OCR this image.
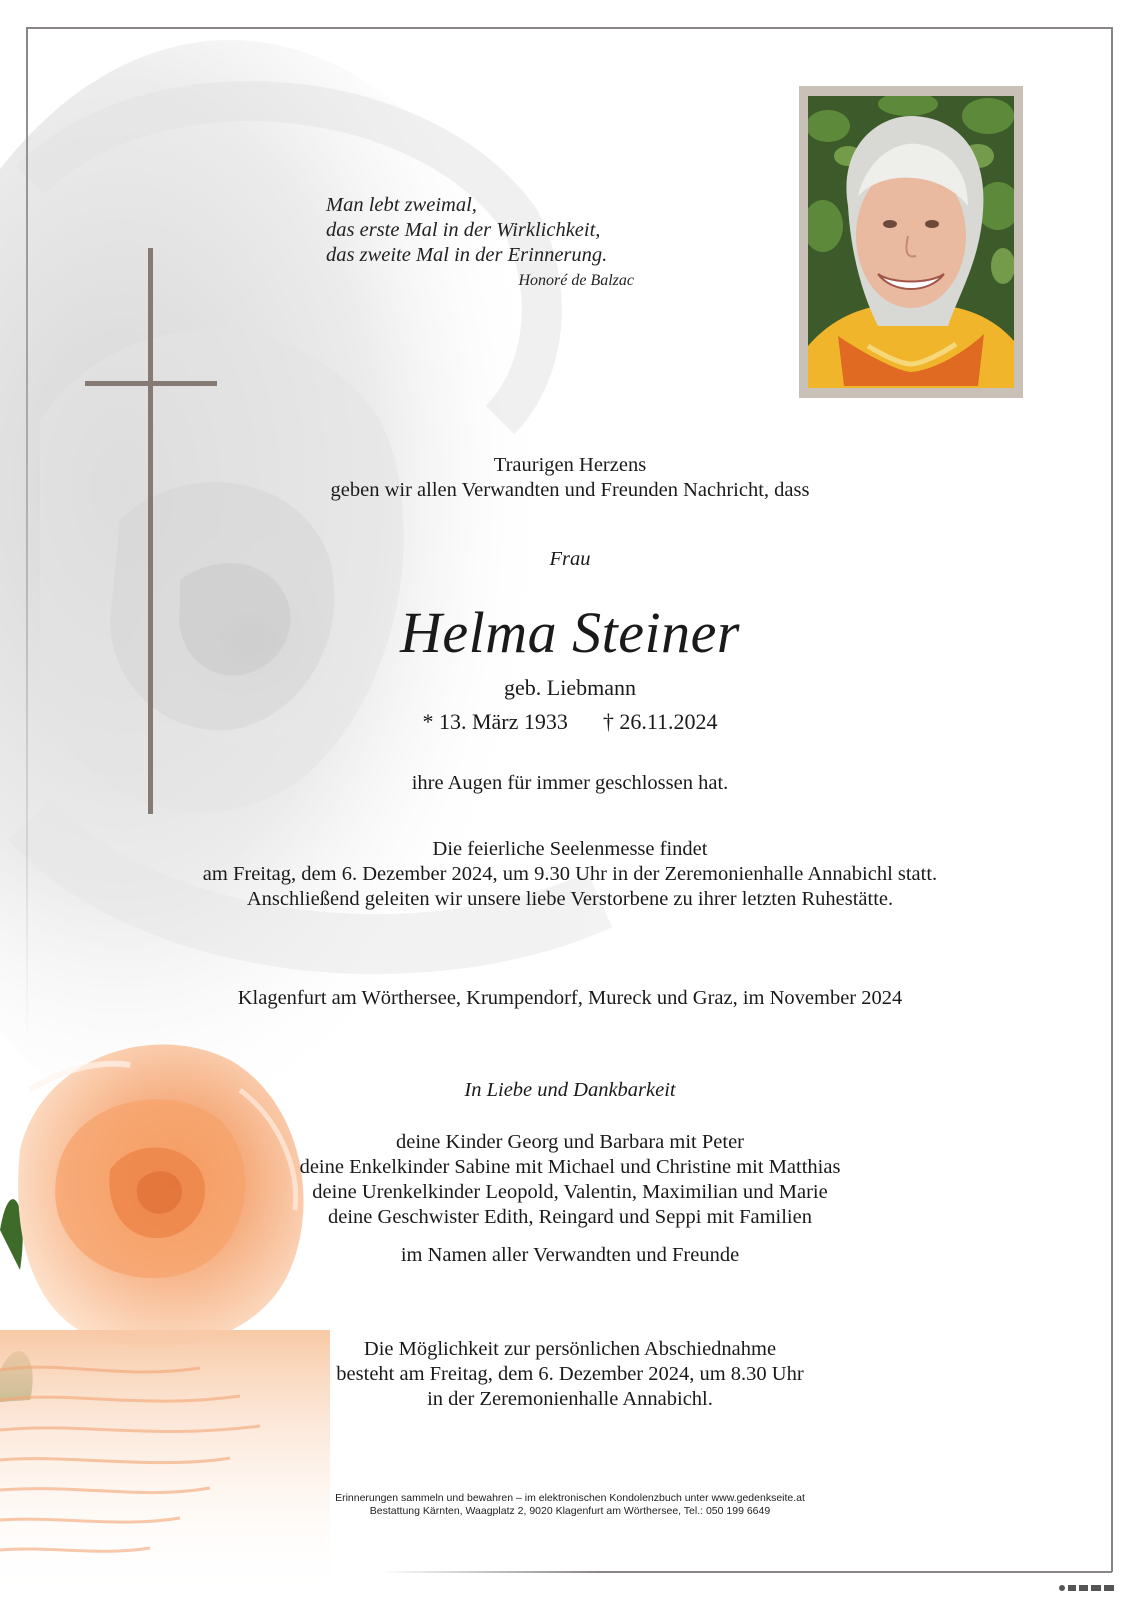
Man lebt zweimal,
das erste Mal in der Wirklichkeit,
das zweite Mal in der Erinnerung.
Honoré de Balzac
Traurigen Herzens
geben wir allen Verwandten und Freunden Nachricht, dass
Frau
Helma Steiner
geb. Liebmann
* 13. März 1933 † 26.11.2024
ihre Augen für immer geschlossen hat.
Die feierliche Seelenmesse findet
am Freitag, dem 6. Dezember 2024, um 9.30 Uhr in der Zeremonienhalle Annabichl statt.
Anschließend geleiten wir unsere liebe Verstorbene zu ihrer letzten Ruhestätte.
Klagenfurt am Wörthersee, Krumpendorf, Mureck und Graz, im November 2024
In Liebe und Dankbarkeit
deine Kinder Georg und Barbara mit Peter
deine Enkelkinder Sabine mit Michael und Christine mit Matthias
deine Urenkelkinder Leopold, Valentin, Maximilian und Marie
deine Geschwister Edith, Reingard und Seppi mit Familien
im Namen aller Verwandten und Freunde
Die Möglichkeit zur persönlichen Abschiednahme
besteht am Freitag, dem 6. Dezember 2024, um 8.30 Uhr
in der Zeremonienhalle Annabichl.
Erinnerungen sammeln und bewahren – im elektronischen Kondolenzbuch unter www.gedenkseite.at
Bestattung Kärnten, Waagplatz 2, 9020 Klagenfurt am Wörthersee, Tel.: 050 199 6649
